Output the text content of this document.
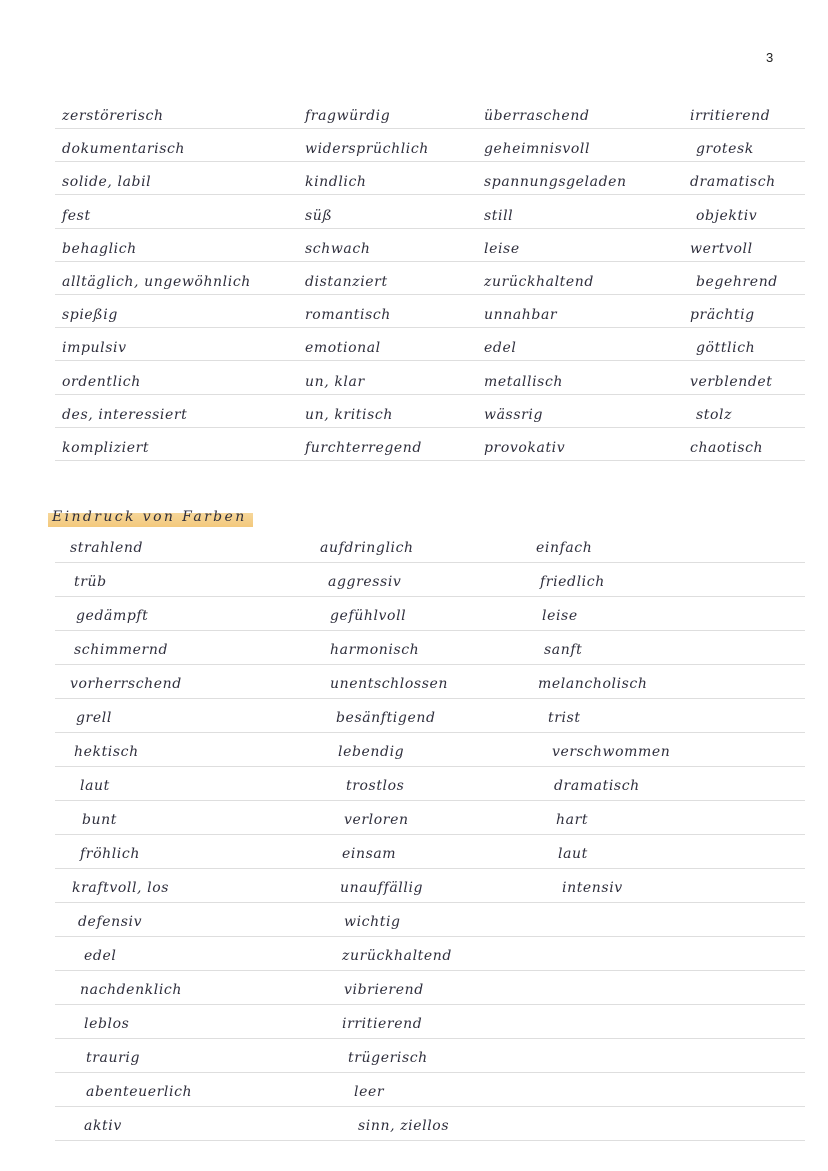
3
zerstörerisch
dokumentarisch
solide, labil
fest
behaglich
alltäglich, ungewöhnlich
spießig
impulsiv
ordentlich
des, interessiert
kompliziert
fragwürdig
widersprüchlich
kindlich
süß
schwach
distanziert
romantisch
emotional
un, klar
un, kritisch
furchterregend
überraschend
geheimnisvoll
spannungsgeladen
still
leise
zurückhaltend
unnahbar
edel
metallisch
wässrig
provokativ
irritierend
grotesk
dramatisch
objektiv
wertvoll
begehrend
prächtig
göttlich
verblendet
stolz
chaotisch
Eindruck von Farben
strahlend
trüb
gedämpft
schimmernd
vorherrschend
grell
hektisch
laut
bunt
fröhlich
kraftvoll, los
defensiv
edel
nachdenklich
leblos
traurig
abenteuerlich
aktiv
aufdringlich
aggressiv
gefühlvoll
harmonisch
unentschlossen
besänftigend
lebendig
trostlos
verloren
einsam
unauffällig
wichtig
zurückhaltend
vibrierend
irritierend
trügerisch
leer
sinn, ziellos
einfach
friedlich
leise
sanft
melancholisch
trist
verschwommen
dramatisch
hart
laut
intensiv
